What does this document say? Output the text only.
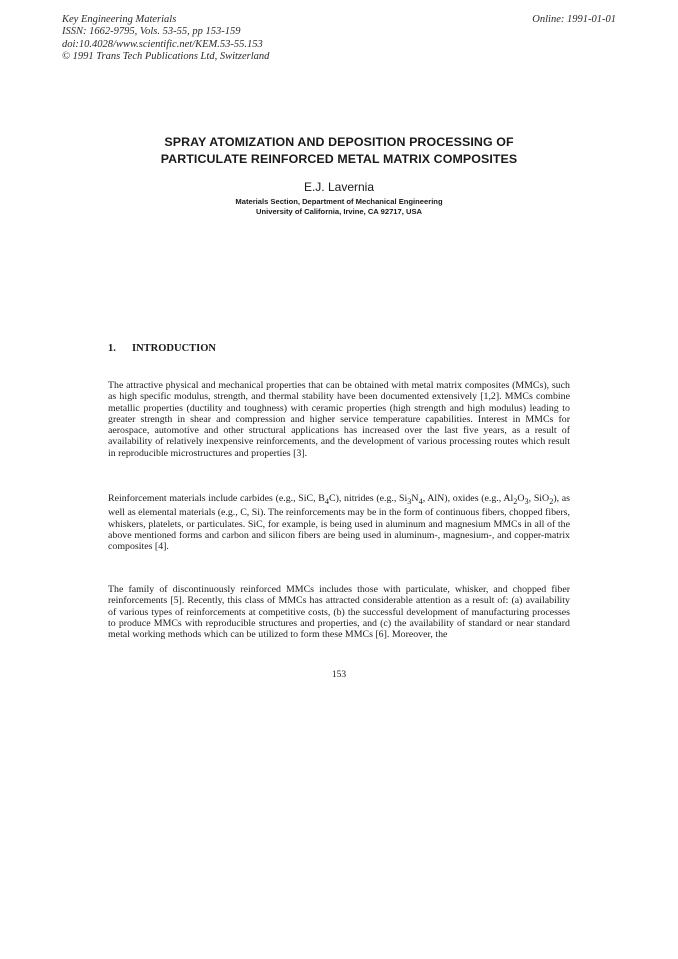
Key Engineering Materials
ISSN: 1662-9795, Vols. 53-55, pp 153-159
doi:10.4028/www.scientific.net/KEM.53-55.153
© 1991 Trans Tech Publications Ltd, Switzerland
Online: 1991-01-01
SPRAY ATOMIZATION AND DEPOSITION PROCESSING OF
PARTICULATE REINFORCED METAL MATRIX COMPOSITES
E.J. Lavernia
Materials Section, Department of Mechanical Engineering
University of California, Irvine, CA 92717, USA
1. INTRODUCTION

The attractive physical and mechanical properties that can be obtained with metal matrix composites (MMCs), such as high specific modulus, strength, and thermal stability have been documented extensively [1,2]. MMCs combine metallic properties (ductility and toughness) with ceramic properties (high strength and high modulus) leading to greater strength in shear and compression and higher service temperature capabilities. Interest in MMCs for aerospace, automotive and other structural applications has increased over the last five years, as a result of availability of relatively inexpensive reinforcements, and the development of various processing routes which result in reproducible microstructures and properties [3].

Reinforcement materials include carbides (e.g., SiC, $B_4C$), nitrides (e.g., $Si_3N_4$, AlN), oxides (e.g., $Al_2O_3$, SiO$_2$), as well as elemental materials (e.g., C, Si). The reinforcements may be in the form of continuous fibers, chopped fibers, whiskers, platelets, or particulates. SiC, for example, is being used in aluminum and magnesium MMCs in all of the above mentioned forms and carbon and silicon fibers are being used in aluminum-, magnesium-, and copper-matrix composites [4].

The family of discontinuously reinforced MMCs includes those with particulate, whisker, and chopped fiber reinforcements [5]. Recently, this class of MMCs has attracted considerable attention as a result of: (a) availability of various types of reinforcements at competitive costs, (b) the successful development of manufacturing processes to produce MMCs with reproducible structures and properties, and (c) the availability of standard or near standard metal working methods which can be utilized to form these MMCs [6]. Moreover, the

153
